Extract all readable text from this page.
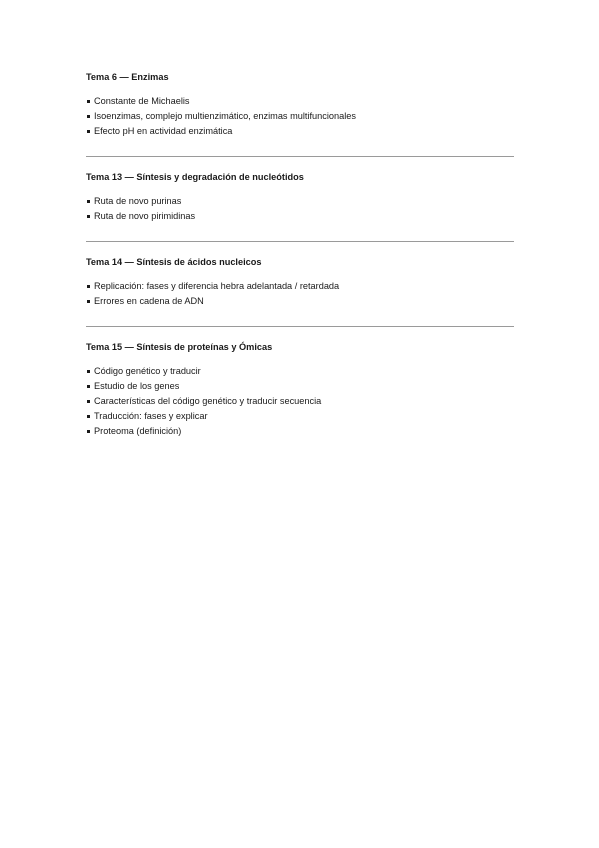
Tema 6 — Enzimas
Constante de Michaelis
Isoenzimas, complejo multienzimático, enzimas multifuncionales
Efecto pH en actividad enzimática
Tema 13 — Síntesis y degradación de nucleótidos
Ruta de novo purinas
Ruta de novo pirimidinas
Tema 14 — Síntesis de ácidos nucleicos
Replicación: fases y diferencia hebra adelantada / retardada
Errores en cadena de ADN
Tema 15 — Síntesis de proteínas y Ómicas
Código genético y traducir
Estudio de los genes
Características del código genético y traducir secuencia
Traducción: fases y explicar
Proteoma (definición)
